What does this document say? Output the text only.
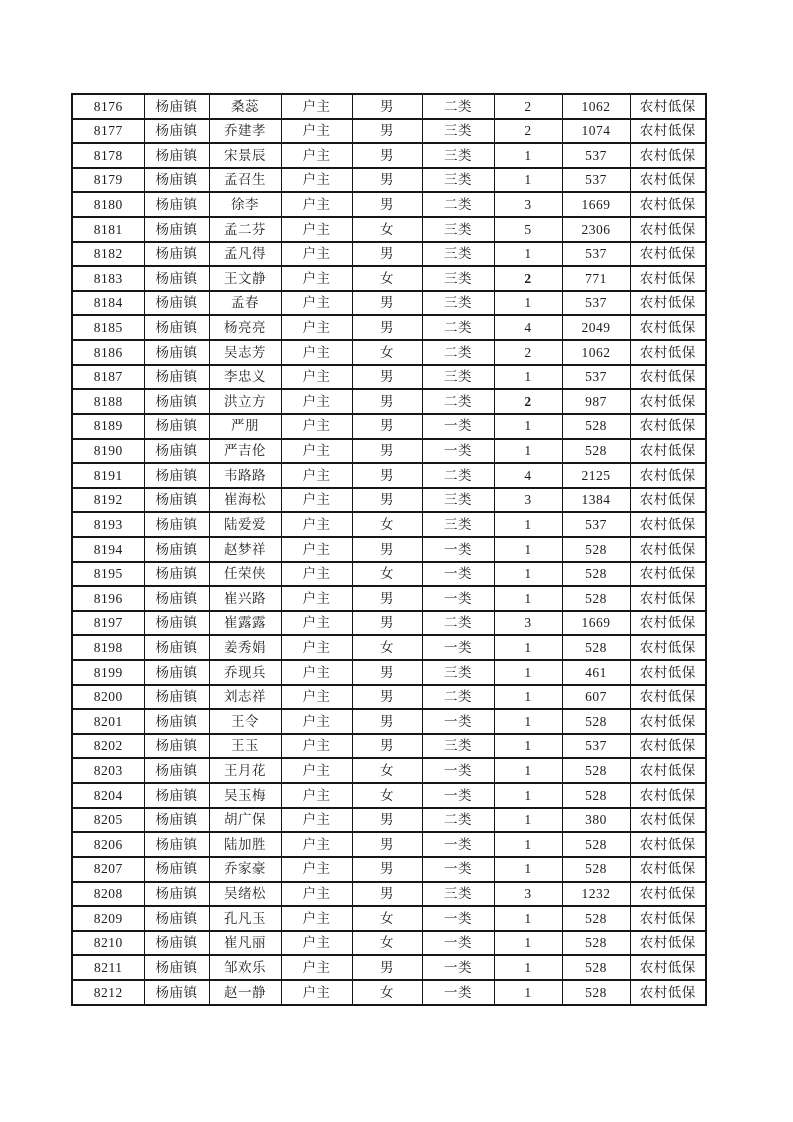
8176	杨庙镇	桑蕊	户主	男	二类	2	1062	农村低保
8177	杨庙镇	乔建孝	户主	男	三类	2	1074	农村低保
8178	杨庙镇	宋景辰	户主	男	三类	1	537	农村低保
8179	杨庙镇	孟召生	户主	男	三类	1	537	农村低保
8180	杨庙镇	徐李	户主	男	二类	3	1669	农村低保
8181	杨庙镇	孟二芬	户主	女	三类	5	2306	农村低保
8182	杨庙镇	孟凡得	户主	男	三类	1	537	农村低保
8183	杨庙镇	王文静	户主	女	三类	2	771	农村低保
8184	杨庙镇	孟春	户主	男	三类	1	537	农村低保
8185	杨庙镇	杨亮亮	户主	男	二类	4	2049	农村低保
8186	杨庙镇	吴志芳	户主	女	二类	2	1062	农村低保
8187	杨庙镇	李忠义	户主	男	三类	1	537	农村低保
8188	杨庙镇	洪立方	户主	男	二类	2	987	农村低保
8189	杨庙镇	严朋	户主	男	一类	1	528	农村低保
8190	杨庙镇	严吉伦	户主	男	一类	1	528	农村低保
8191	杨庙镇	韦路路	户主	男	二类	4	2125	农村低保
8192	杨庙镇	崔海松	户主	男	三类	3	1384	农村低保
8193	杨庙镇	陆爱爱	户主	女	三类	1	537	农村低保
8194	杨庙镇	赵梦祥	户主	男	一类	1	528	农村低保
8195	杨庙镇	任荣侠	户主	女	一类	1	528	农村低保
8196	杨庙镇	崔兴路	户主	男	一类	1	528	农村低保
8197	杨庙镇	崔露露	户主	男	二类	3	1669	农村低保
8198	杨庙镇	姜秀娟	户主	女	一类	1	528	农村低保
8199	杨庙镇	乔现兵	户主	男	三类	1	461	农村低保
8200	杨庙镇	刘志祥	户主	男	二类	1	607	农村低保
8201	杨庙镇	王令	户主	男	一类	1	528	农村低保
8202	杨庙镇	王玉	户主	男	三类	1	537	农村低保
8203	杨庙镇	王月花	户主	女	一类	1	528	农村低保
8204	杨庙镇	吴玉梅	户主	女	一类	1	528	农村低保
8205	杨庙镇	胡广保	户主	男	二类	1	380	农村低保
8206	杨庙镇	陆加胜	户主	男	一类	1	528	农村低保
8207	杨庙镇	乔家豪	户主	男	一类	1	528	农村低保
8208	杨庙镇	吴绪松	户主	男	三类	3	1232	农村低保
8209	杨庙镇	孔凡玉	户主	女	一类	1	528	农村低保
8210	杨庙镇	崔凡丽	户主	女	一类	1	528	农村低保
8211	杨庙镇	邹欢乐	户主	男	一类	1	528	农村低保
8212	杨庙镇	赵一静	户主	女	一类	1	528	农村低保
